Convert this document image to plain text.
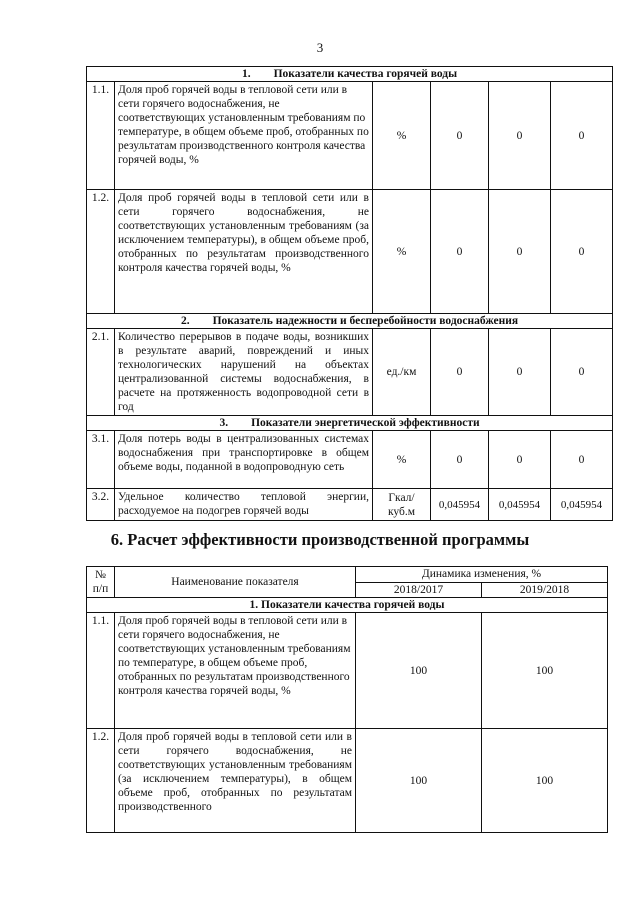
3
1.  Показатели качества горячей воды					
1.1.	Доля проб горячей воды в тепловой сети или в сети горячего водоснабжения, не соответствующих установленным требованиям по температуре, в общем объеме проб, отобранных по результатам производственного контроля качества горячей воды, %	%	0	0	0
1.2.	Доля проб горячей воды в тепловой сети или в сети горячего водоснабжения, не соответствующих установленным требованиям (за исключением температуры), в общем объеме проб, отобранных по результатам производственного контроля качества горячей воды, %	%	0	0	0
2.  Показатель надежности и бесперебойности водоснабжения					
2.1.	Количество перерывов в подаче воды, возникших в результате аварий, повреждений и иных технологических нарушений на объектах централизованной системы водоснабжения, в расчете на протяженность водопроводной сети в год	ед./км	0	0	0
3.  Показатели энергетической эффективности					
3.1.	Доля потерь воды в централизованных системах водоснабжения при транспортировке в общем объеме воды, поданной в водопроводную сеть	%	0	0	0
3.2.	Удельное количество тепловой энергии, расходуемое на подогрев горячей воды	Гкал/ куб.м	0,045954	0,045954	0,045954
6. Расчет эффективности производственной программы
№ п/п	Наименование показателя	Динамика изменения, %	
		2018/2017	2019/2018
1. Показатели качества горячей воды			
1.1.	Доля проб горячей воды в тепловой сети или в сети горячего водоснабжения, не соответствующих установленным требованиям по температуре, в общем объеме проб, отобранных по результатам производственного контроля качества горячей воды, %	100	100
1.2.	Доля проб горячей воды в тепловой сети или в сети горячего водоснабжения, не соответствующих установленным требованиям (за исключением температуры), в общем объеме проб, отобранных по результатам производственного	100	100
